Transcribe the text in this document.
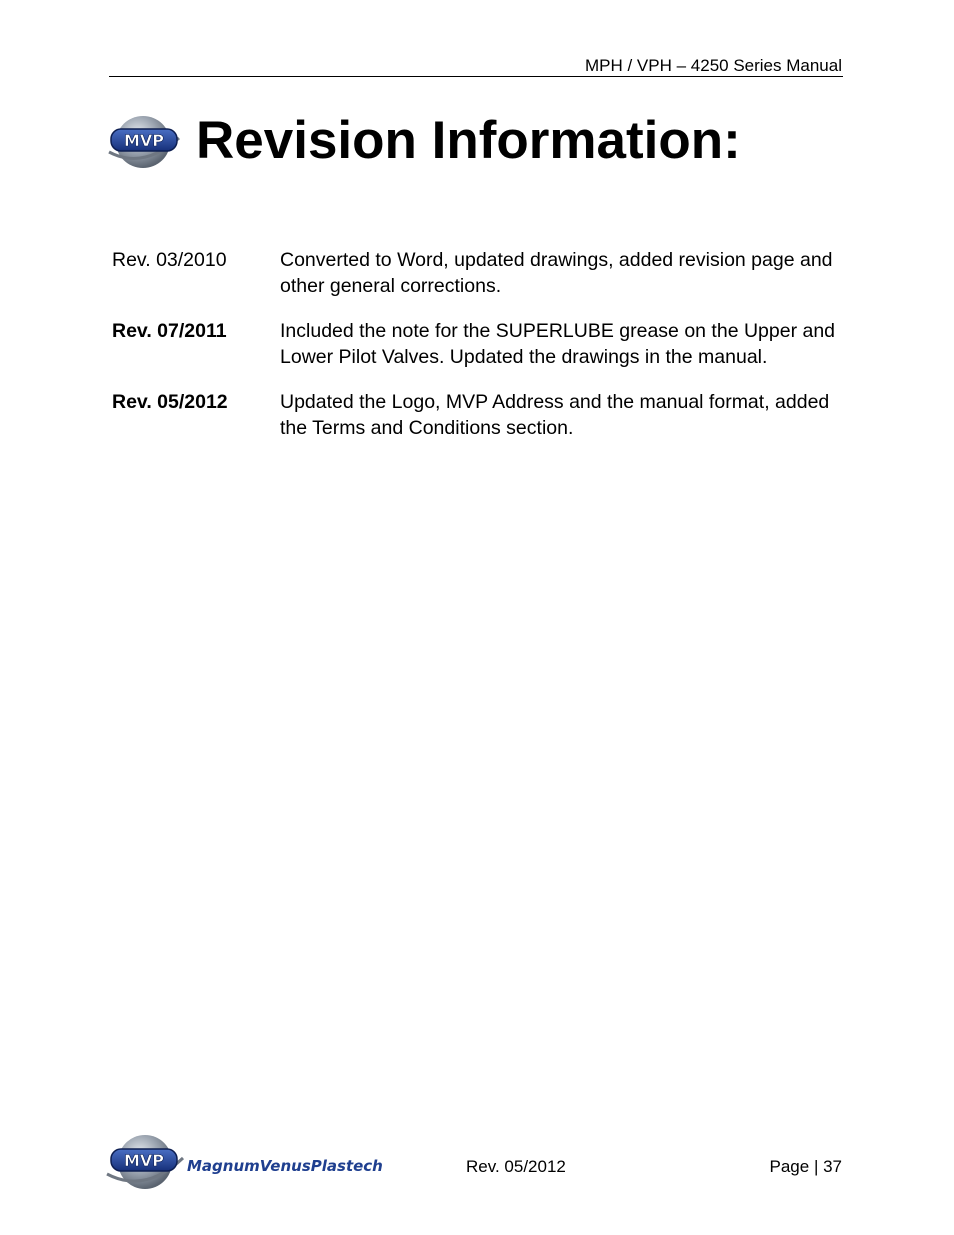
MPH / VPH – 4250 Series Manual
MVP Revision Information:
Rev. 03/2010	Converted to Word, updated drawings, added revision page and other general corrections.
Rev. 07/2011	Included the note for the SUPERLUBE grease on the Upper and Lower Pilot Valves. Updated the drawings in the manual.
Rev. 05/2012	Updated the Logo, MVP Address and the manual format, added the Terms and Conditions section.
MVP MagnumVenusPlastech	Rev. 05/2012	Page | 37
